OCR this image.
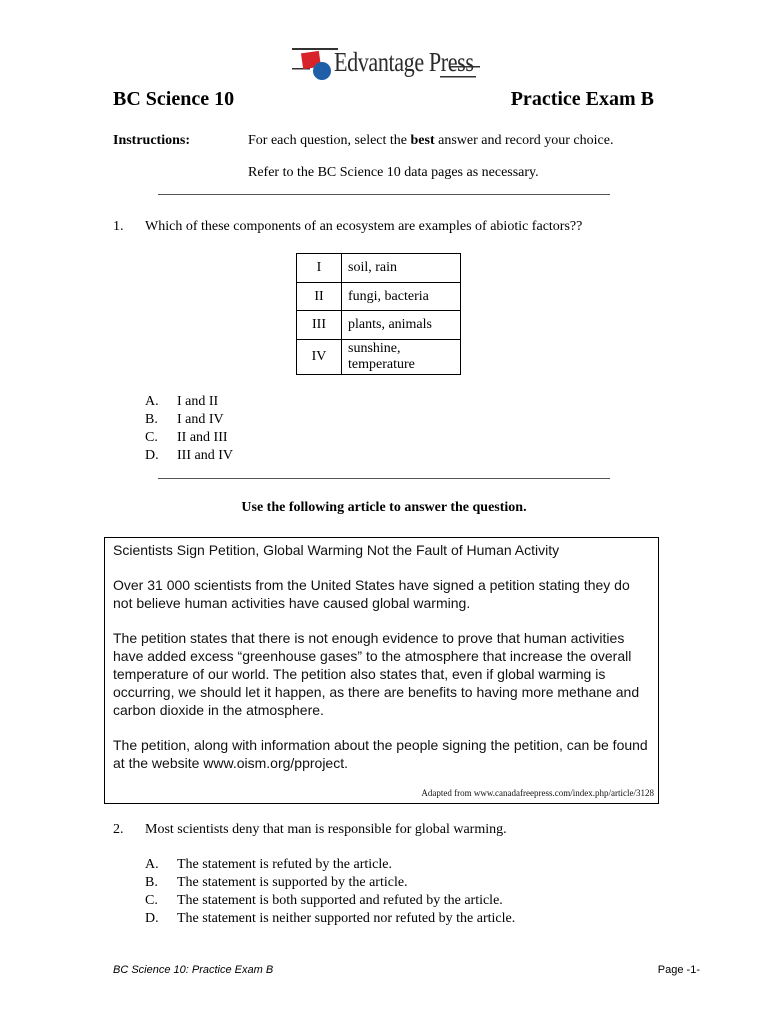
Edvantage Press
BC Science 10	Practice Exam B
Instructions:	For each question, select the best answer and record your choice.
Refer to the BC Science 10 data pages as necessary.
1. Which of these components of an ecosystem are examples of abiotic factors??
I	soil, rain
II	fungi, bacteria
III	plants, animals
IV	sunshine, temperature
A.	I and II
B.	I and IV
C.	II and III
D.	III and IV
Use the following article to answer the question.

Scientists Sign Petition, Global Warming Not the Fault of Human Activity

Over 31 000 scientists from the United States have signed a petition stating they do not believe human activities have caused global warming.

The petition states that there is not enough evidence to prove that human activities have added excess “greenhouse gases” to the atmosphere that increase the overall temperature of our world. The petition also states that, even if global warming is occurring, we should let it happen, as there are benefits to having more methane and carbon dioxide in the atmosphere.

The petition, along with information about the people signing the petition, can be found at the website www.oism.org/pproject.

Adapted from www.canadafreepress.com/index.php/article/3128
2. Most scientists deny that man is responsible for global warming.
A.	The statement is refuted by the article.
B.	The statement is supported by the article.
C.	The statement is both supported and refuted by the article.
D.	The statement is neither supported nor refuted by the article.
BC Science 10: Practice Exam B	Page -1-
